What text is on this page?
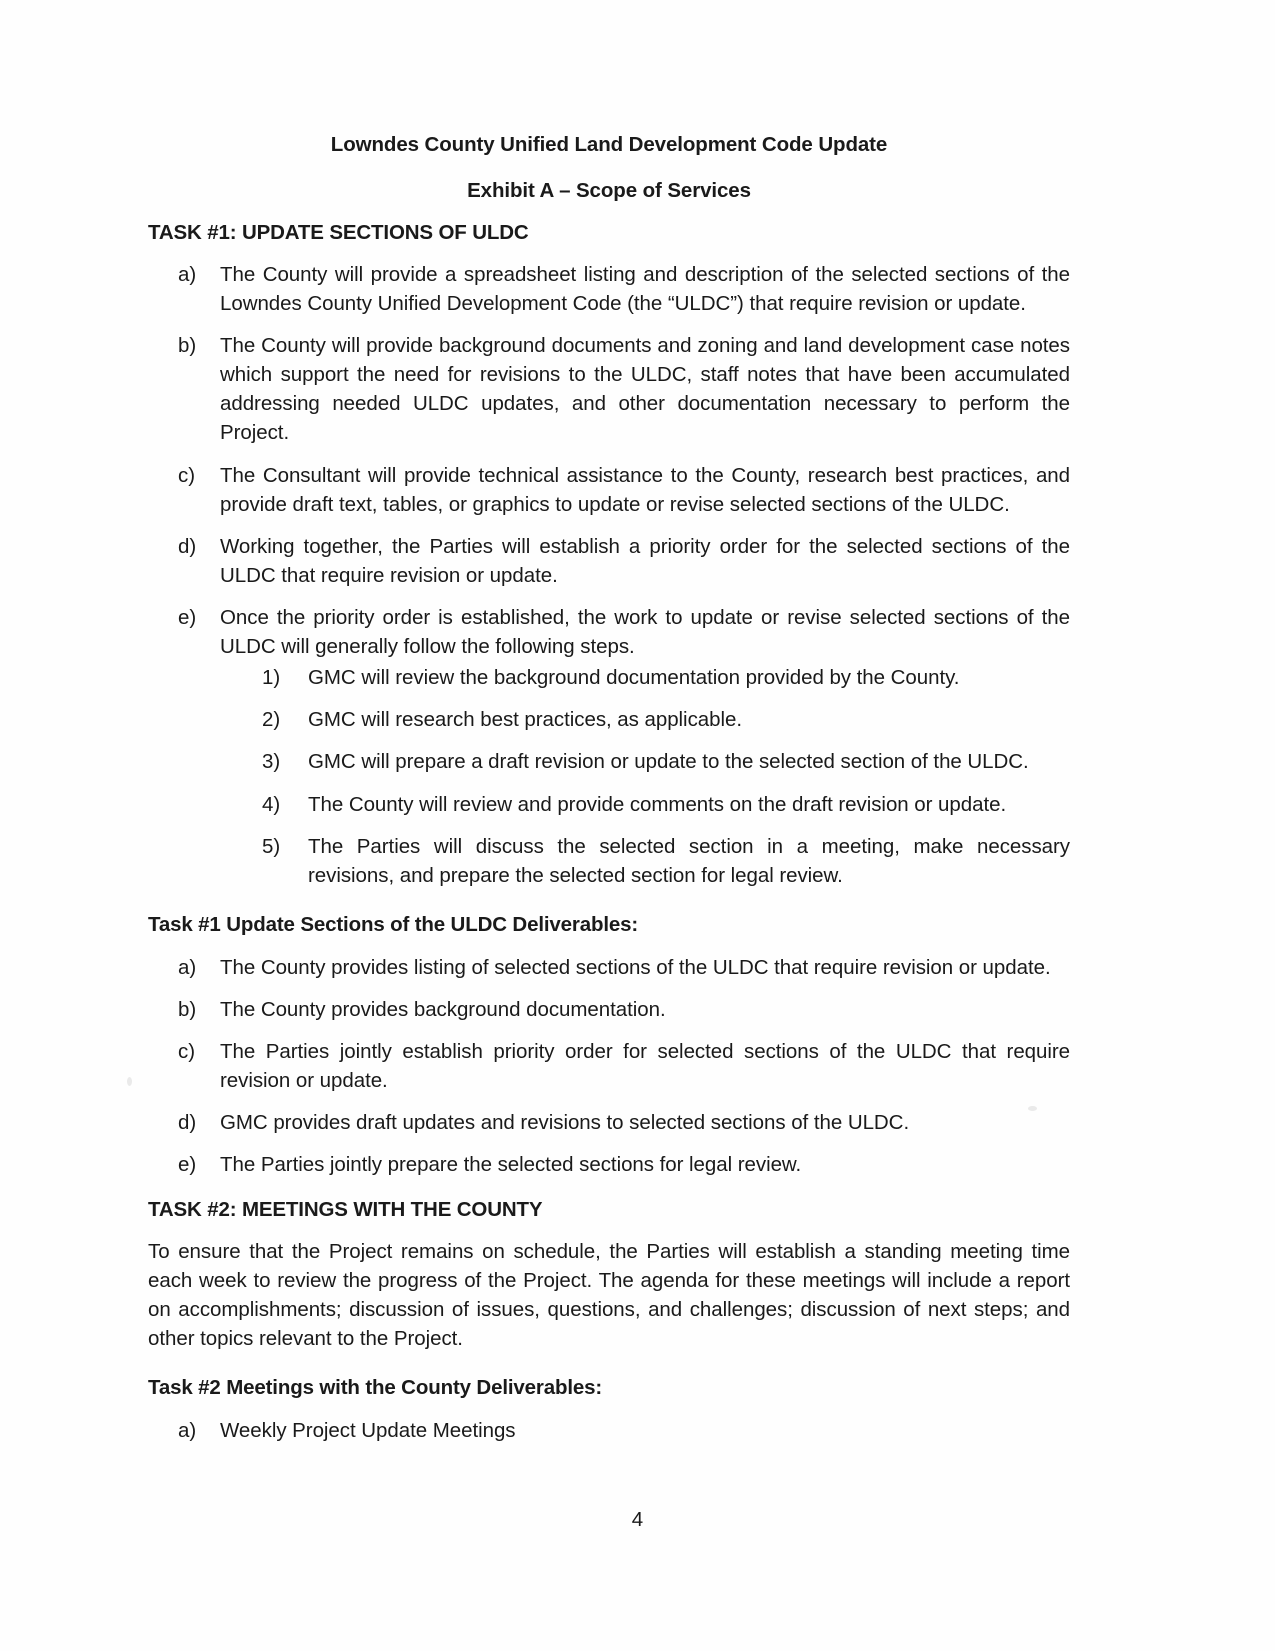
Lowndes County Unified Land Development Code Update
Exhibit A – Scope of Services
TASK #1: UPDATE SECTIONS OF ULDC
a)	The County will provide a spreadsheet listing and description of the selected sections of the Lowndes County Unified Development Code (the “ULDC”) that require revision or update.
b)	The County will provide background documents and zoning and land development case notes which support the need for revisions to the ULDC, staff notes that have been accumulated addressing needed ULDC updates, and other documentation necessary to perform the Project.
c)	The Consultant will provide technical assistance to the County, research best practices, and provide draft text, tables, or graphics to update or revise selected sections of the ULDC.
d)	Working together, the Parties will establish a priority order for the selected sections of the ULDC that require revision or update.
e)	Once the priority order is established, the work to update or revise selected sections of the ULDC will generally follow the following steps.
1)	GMC will review the background documentation provided by the County.
2)	GMC will research best practices, as applicable.
3)	GMC will prepare a draft revision or update to the selected section of the ULDC.
4)	The County will review and provide comments on the draft revision or update.
5)	The Parties will discuss the selected section in a meeting, make necessary revisions, and prepare the selected section for legal review.
Task #1 Update Sections of the ULDC Deliverables:
a)	The County provides listing of selected sections of the ULDC that require revision or update.
b)	The County provides background documentation.
c)	The Parties jointly establish priority order for selected sections of the ULDC that require revision or update.
d)	GMC provides draft updates and revisions to selected sections of the ULDC.
e)	The Parties jointly prepare the selected sections for legal review.
TASK #2: MEETINGS WITH THE COUNTY

To ensure that the Project remains on schedule, the Parties will establish a standing meeting time each week to review the progress of the Project. The agenda for these meetings will include a report on accomplishments; discussion of issues, questions, and challenges; discussion of next steps; and other topics relevant to the Project.

Task #2 Meetings with the County Deliverables:
a)	Weekly Project Update Meetings
4
